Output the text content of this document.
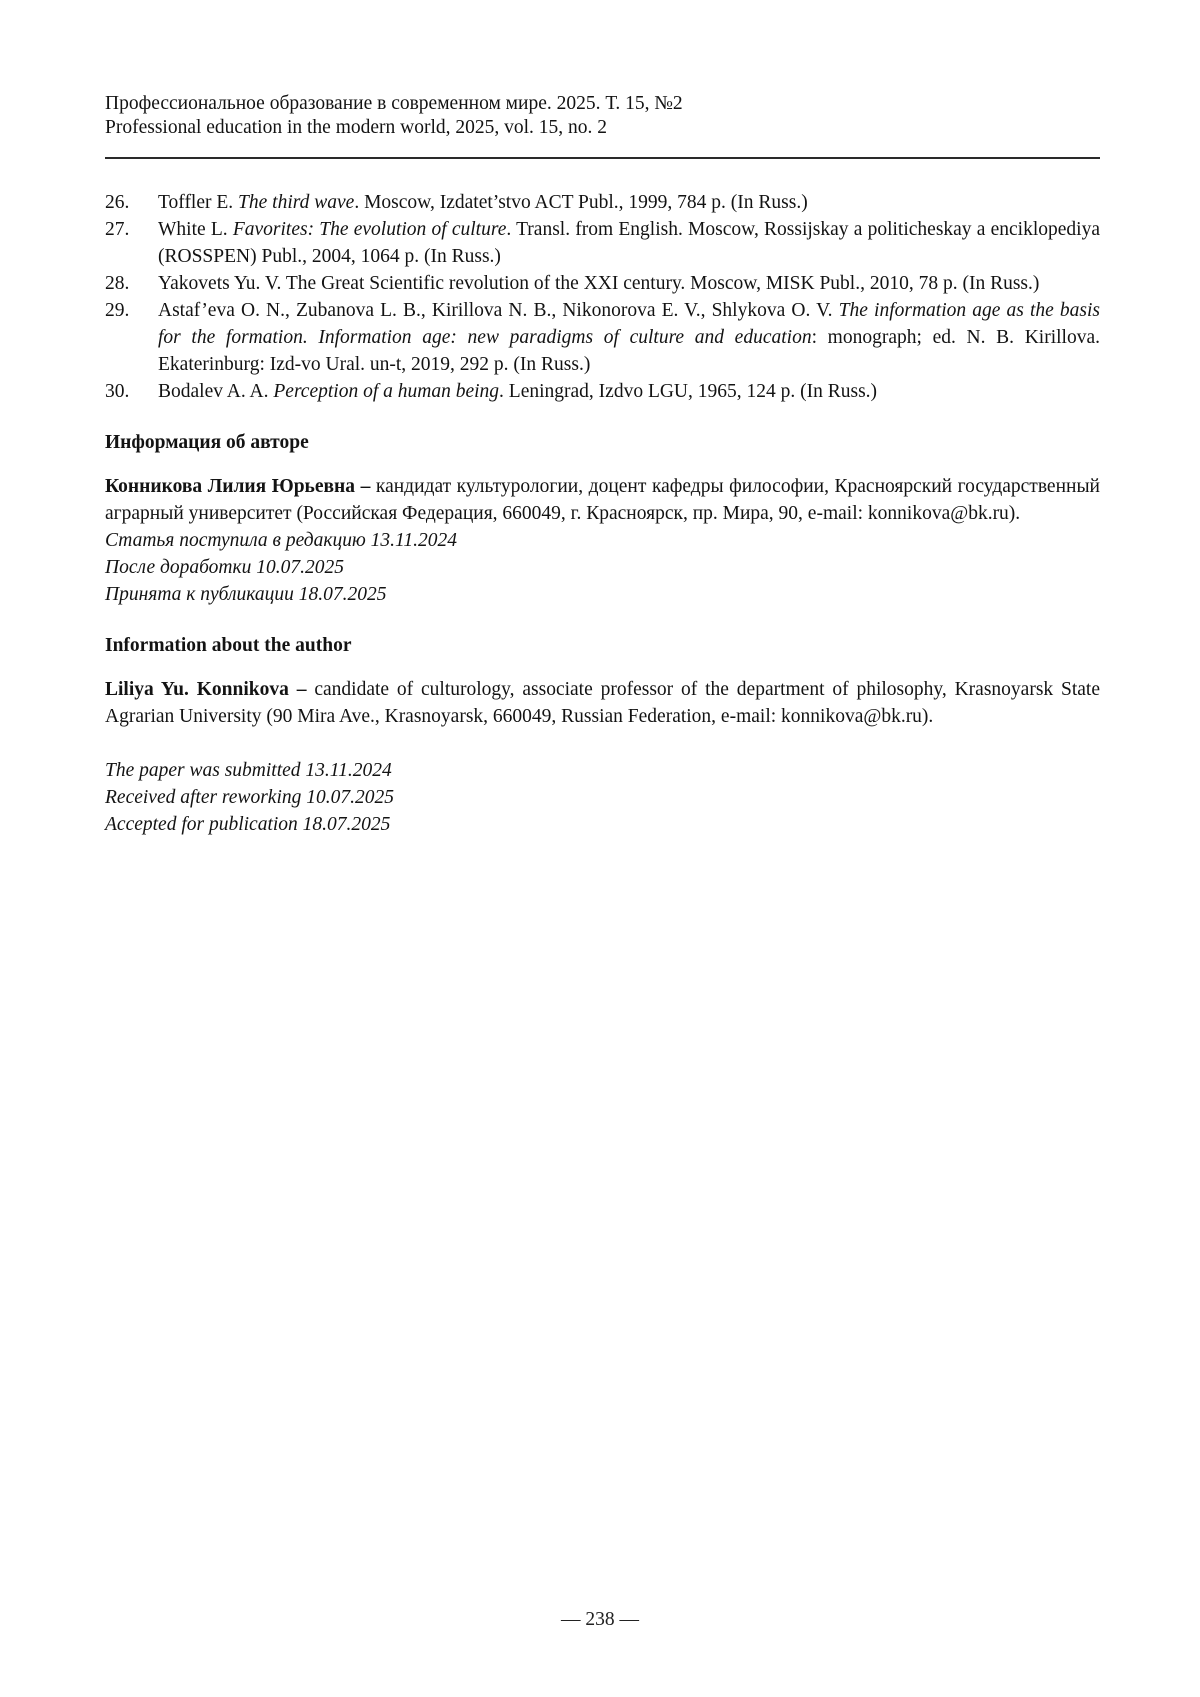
Профессиональное образование в современном мире. 2025. Т. 15, №2
Professional education in the modern world, 2025, vol. 15, no. 2
26.	Toffler E. The third wave. Moscow, Izdatet’stvo ACT Publ., 1999, 784 p. (In Russ.)
27.	White L. Favorites: The evolution of culture. Transl. from English. Moscow, Rossijskay a politicheskay a enciklopediya (ROSSPEN) Publ., 2004, 1064 p. (In Russ.)
28.	Yakovets Yu. V. The Great Scientific revolution of the XXI century. Moscow, MISK Publ., 2010, 78 p. (In Russ.)
29.	Astaf’eva O. N., Zubanova L. B., Kirillova N. B., Nikonorova E. V., Shlykova O. V. The information age as the basis for the formation. Information age: new paradigms of culture and education: monograph; ed. N. B. Kirillova. Ekaterinburg: Izd-vo Ural. un-t, 2019, 292 p. (In Russ.)
30.	Bodalev A. A. Perception of a human being. Leningrad, Izdvo LGU, 1965, 124 p. (In Russ.)
Информация об авторе

Конникова Лилия Юрьевна – кандидат культурологии, доцент кафедры философии, Красноярский государственный аграрный университет (Российская Федерация, 660049, г. Красноярск, пр. Мира, 90, e-mail: konnikova@bk.ru).

Статья поступила в редакцию 13.11.2024
После доработки 10.07.2025
Принята к публикации 18.07.2025
Information about the author

Liliya Yu. Konnikova – candidate of culturology, associate professor of the department of philosophy, Krasnoyarsk State Agrarian University (90 Mira Ave., Krasnoyarsk, 660049, Russian Federation, e-mail: konnikova@bk.ru).

The paper was submitted 13.11.2024
Received after reworking 10.07.2025
Accepted for publication 18.07.2025
— 238 —
